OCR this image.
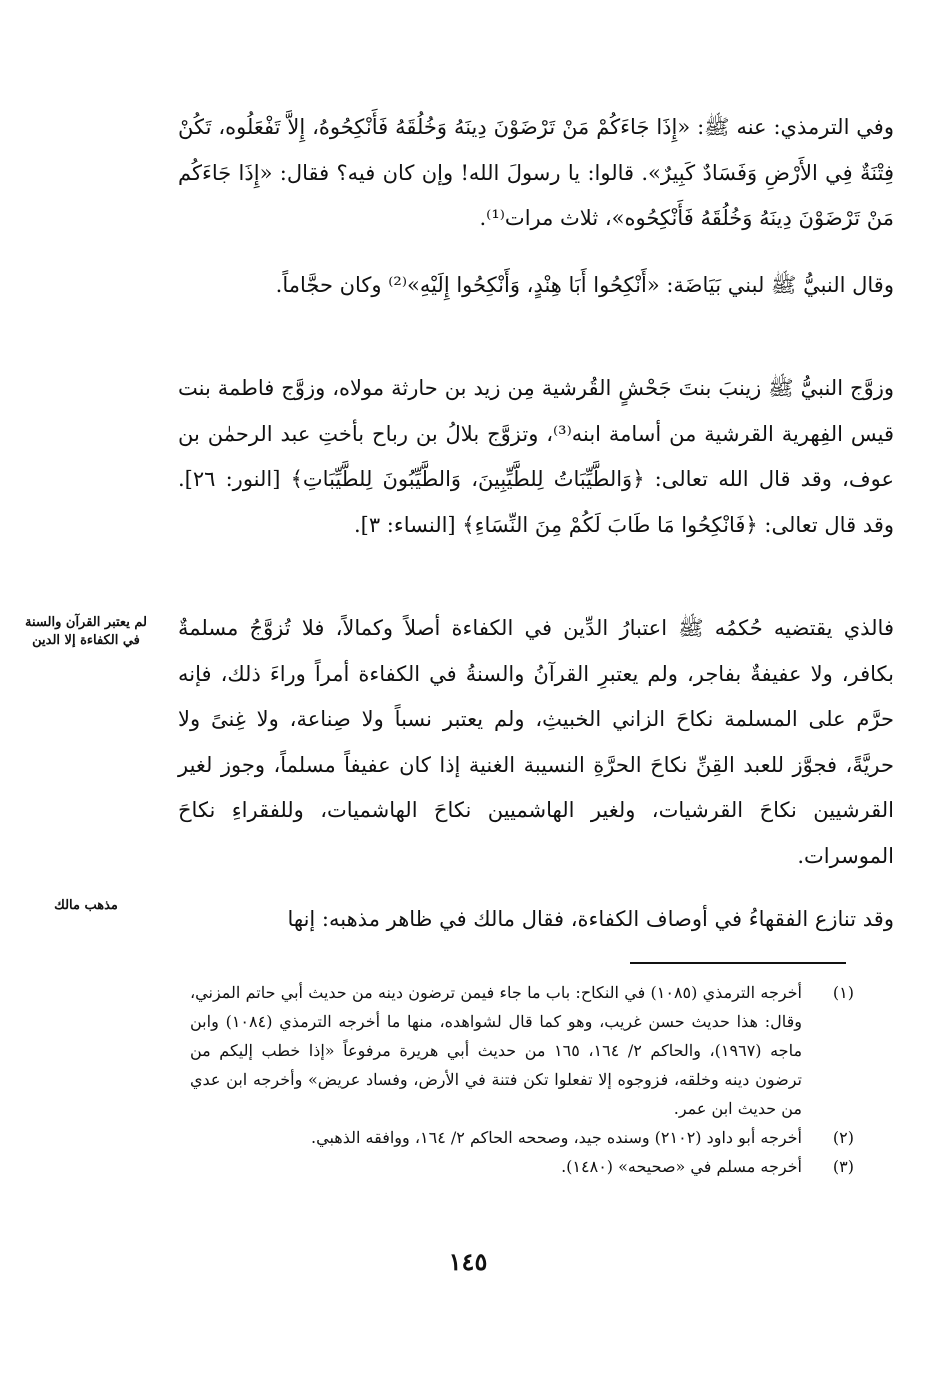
وفي الترمذي: عنه ﷺ: «إِذَا جَاءَكُمْ مَنْ تَرْضَوْنَ دِينَهُ وَخُلُقَهُ فَأَنْكِحُوهُ، إِلاَّ تَفْعَلُوه، تَكُنْ فِتْنَةٌ فِي الأَرْضِ وَفَسَادٌ كَبِيرٌ». قالوا: يا رسولَ الله! وإن كان فيه؟ فقال: «إِذَا جَاءَكُم مَنْ تَرْضَوْنَ دِينَهُ وَخُلُقَهُ فَأَنْكِحُوه»، ثلاث مرات⁽¹⁾.

وقال النبيُّ ﷺ لبني بَيَاضَة: «أَنْكِحُوا أَبَا هِنْدٍ، وَأَنْكِحُوا إِلَيْهِ»⁽²⁾ وكان حجَّاماً.

وزوَّج النبيُّ ﷺ زينبَ بنتَ جَحْشٍ القُرشية مِن زيد بن حارثة مولاه، وزوَّج فاطمة بنت قيس الفِهرية القرشية من أسامة ابنه⁽³⁾، وتزوَّج بلالُ بن رباح بأختِ عبد الرحمٰن بن عوف، وقد قال الله تعالى: ﴿وَالطَّيِّبَاتُ لِلطَّيِّبِينَ، وَالطَّيِّبُونَ لِلطَّيِّبَاتِ﴾ [النور: ٢٦]. وقد قال تعالى: ﴿فَانْكِحُوا مَا طَابَ لَكُمْ مِنَ النِّسَاءِ﴾ [النساء: ٣].

فالذي يقتضيه حُكمُه ﷺ اعتبارُ الدِّين في الكفاءة أصلاً وكمالاً، فلا تُزوَّجُ مسلمةٌ بكافر، ولا عفيفةٌ بفاجر، ولم يعتبرِ القرآنُ والسنةُ في الكفاءة أمراً وراءَ ذلك، فإنه حرَّم على المسلمة نكاحَ الزاني الخبيثِ، ولم يعتبر نسباً ولا صِناعة، ولا غِنىً ولا حريَّةً، فجوَّز للعبد القِنِّ نكاحَ الحرَّةِ النسيبة الغنية إذا كان عفيفاً مسلماً، وجوز لغير القرشيين نكاحَ القرشيات، ولغير الهاشميين نكاحَ الهاشميات، وللفقراءِ نكاحَ الموسرات.

وقد تنازع الفقهاءُ في أوصاف الكفاءة، فقال مالك في ظاهر مذهبه: إنها

لم يعتبر القرآن والسنة في الكفاءة إلا الدين
مذهب مالك
(١)
أخرجه الترمذي (١٠٨٥) في النكاح: باب ما جاء فيمن ترضون دينه من حديث أبي حاتم المزني، وقال: هذا حديث حسن غريب، وهو كما قال لشواهده، منها ما أخرجه الترمذي (١٠٨٤) وابن ماجه (١٩٦٧)، والحاكم ٢/ ١٦٤، ١٦٥ من حديث أبي هريرة مرفوعاً «إذا خطب إليكم من ترضون دينه وخلقه، فزوجوه إلا تفعلوا تكن فتنة في الأرض، وفساد عريض» وأخرجه ابن عدي من حديث ابن عمر.
(٢)
أخرجه أبو داود (٢١٠٢) وسنده جيد، وصححه الحاكم ٢/ ١٦٤، ووافقه الذهبي.
(٣)
أخرجه مسلم في «صحيحه» (١٤٨٠).
١٤٥
